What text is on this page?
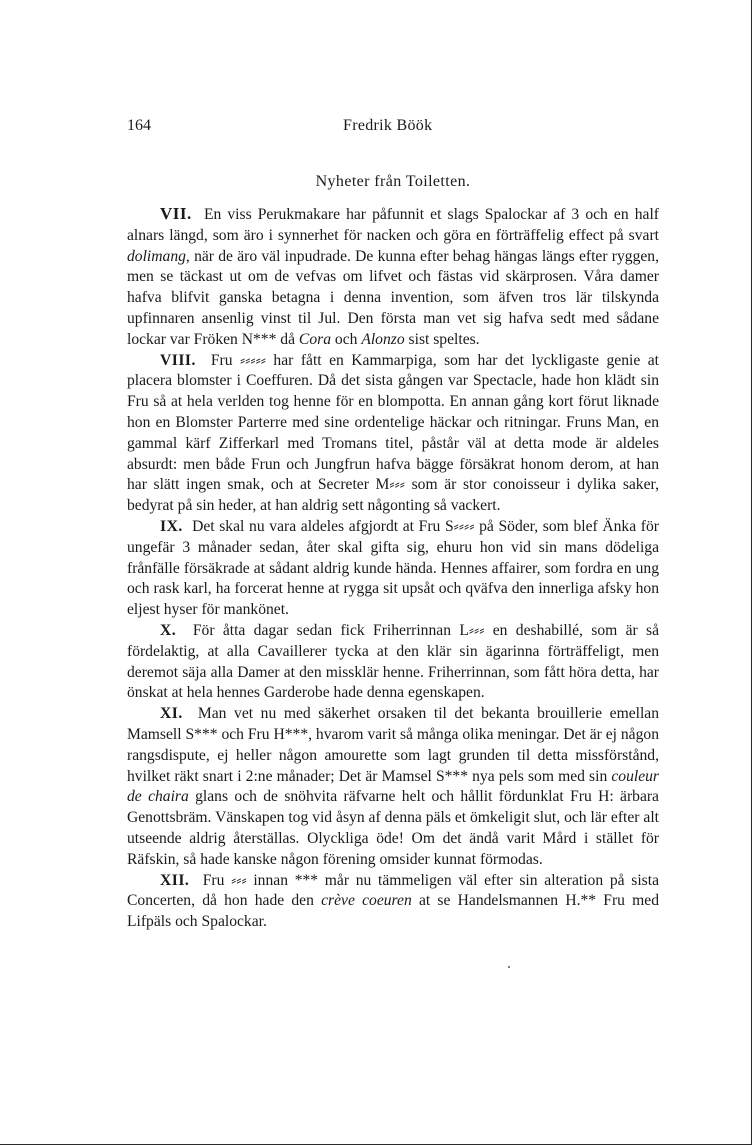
164	Fredrik Böök
Nyheter från Toiletten.

VII. En viss Perukmakare har påfunnit et slags Spalockar af 3 och en half alnars längd, som äro i synnerhet för nacken och göra en förträffelig effect på svart dolimang, när de äro väl inpudrade. De kunna efter behag hängas längs efter ryggen, men se täckast ut om de vefvas om lifvet och fästas vid skärprosen. Våra damer hafva blifvit ganska betagna i denna invention, som äfven tros lär tilskynda upfinnaren ansenlig vinst til Jul. Den första man vet sig hafva sedt med sådane lockar var Fröken N*** då Cora och Alonzo sist speltes.

VIII. Fru ⸗⸗⸗⸗⸗ har fått en Kammarpiga, som har det lyckligaste genie at placera blomster i Coeffuren. Då det sista gången var Spectacle, hade hon klädt sin Fru så at hela verlden tog henne för en blompotta. En annan gång kort förut liknade hon en Blomster Parterre med sine ordentelige häckar och ritningar. Fruns Man, en gammal kärf Zifferkarl med Tromans titel, påstår väl at detta mode är aldeles absurdt: men både Frun och Jungfrun hafva bägge försäkrat honom derom, at han har slätt ingen smak, och at Secreter M⸗⸗⸗ som är stor conoisseur i dylika saker, bedyrat på sin heder, at han aldrig sett någonting så vackert.

IX. Det skal nu vara aldeles afgjordt at Fru S⸗⸗⸗⸗ på Söder, som blef Änka för ungefär 3 månader sedan, åter skal gifta sig, ehuru hon vid sin mans dödeliga frånfälle försäkrade at sådant aldrig kunde hända. Hennes affairer, som fordra en ung och rask karl, ha forcerat henne at rygga sit upsåt och qväfva den innerliga afsky hon eljest hyser för mankönet.

X. För åtta dagar sedan fick Friherrinnan L⸗⸗⸗ en deshabillé, som är så fördelaktig, at alla Cavaillerer tycka at den klär sin ägarinna förträffeligt, men deremot säja alla Damer at den missklär henne. Friherrinnan, som fått höra detta, har önskat at hela hennes Garderobe hade denna egenskapen.

XI. Man vet nu med säkerhet orsaken til det bekanta brouillerie emellan Mamsell S*** och Fru H***, hvarom varit så många olika meningar. Det är ej någon rangsdispute, ej heller någon amourette som lagt grunden til detta missförstånd, hvilket räkt snart i 2:ne månader; Det är Mamsel S*** nya pels som med sin couleur de chaira glans och de snöhvita räfvarne helt och hållit fördunklat Fru H: ärbara Genottsbräm. Vänskapen tog vid åsyn af denna päls et ömkeligit slut, och lär efter alt utseende aldrig återställas. Olyckliga öde! Om det ändå varit Mård i stället för Räfskin, så hade kanske någon förening omsider kunnat förmodas.

XII. Fru ⸗⸗⸗ innan *** mår nu tämmeligen väl efter sin alteration på sista Concerten, då hon hade den crève coeuren at se Handelsmannen H.** Fru med Lifpäls och Spalockar.
